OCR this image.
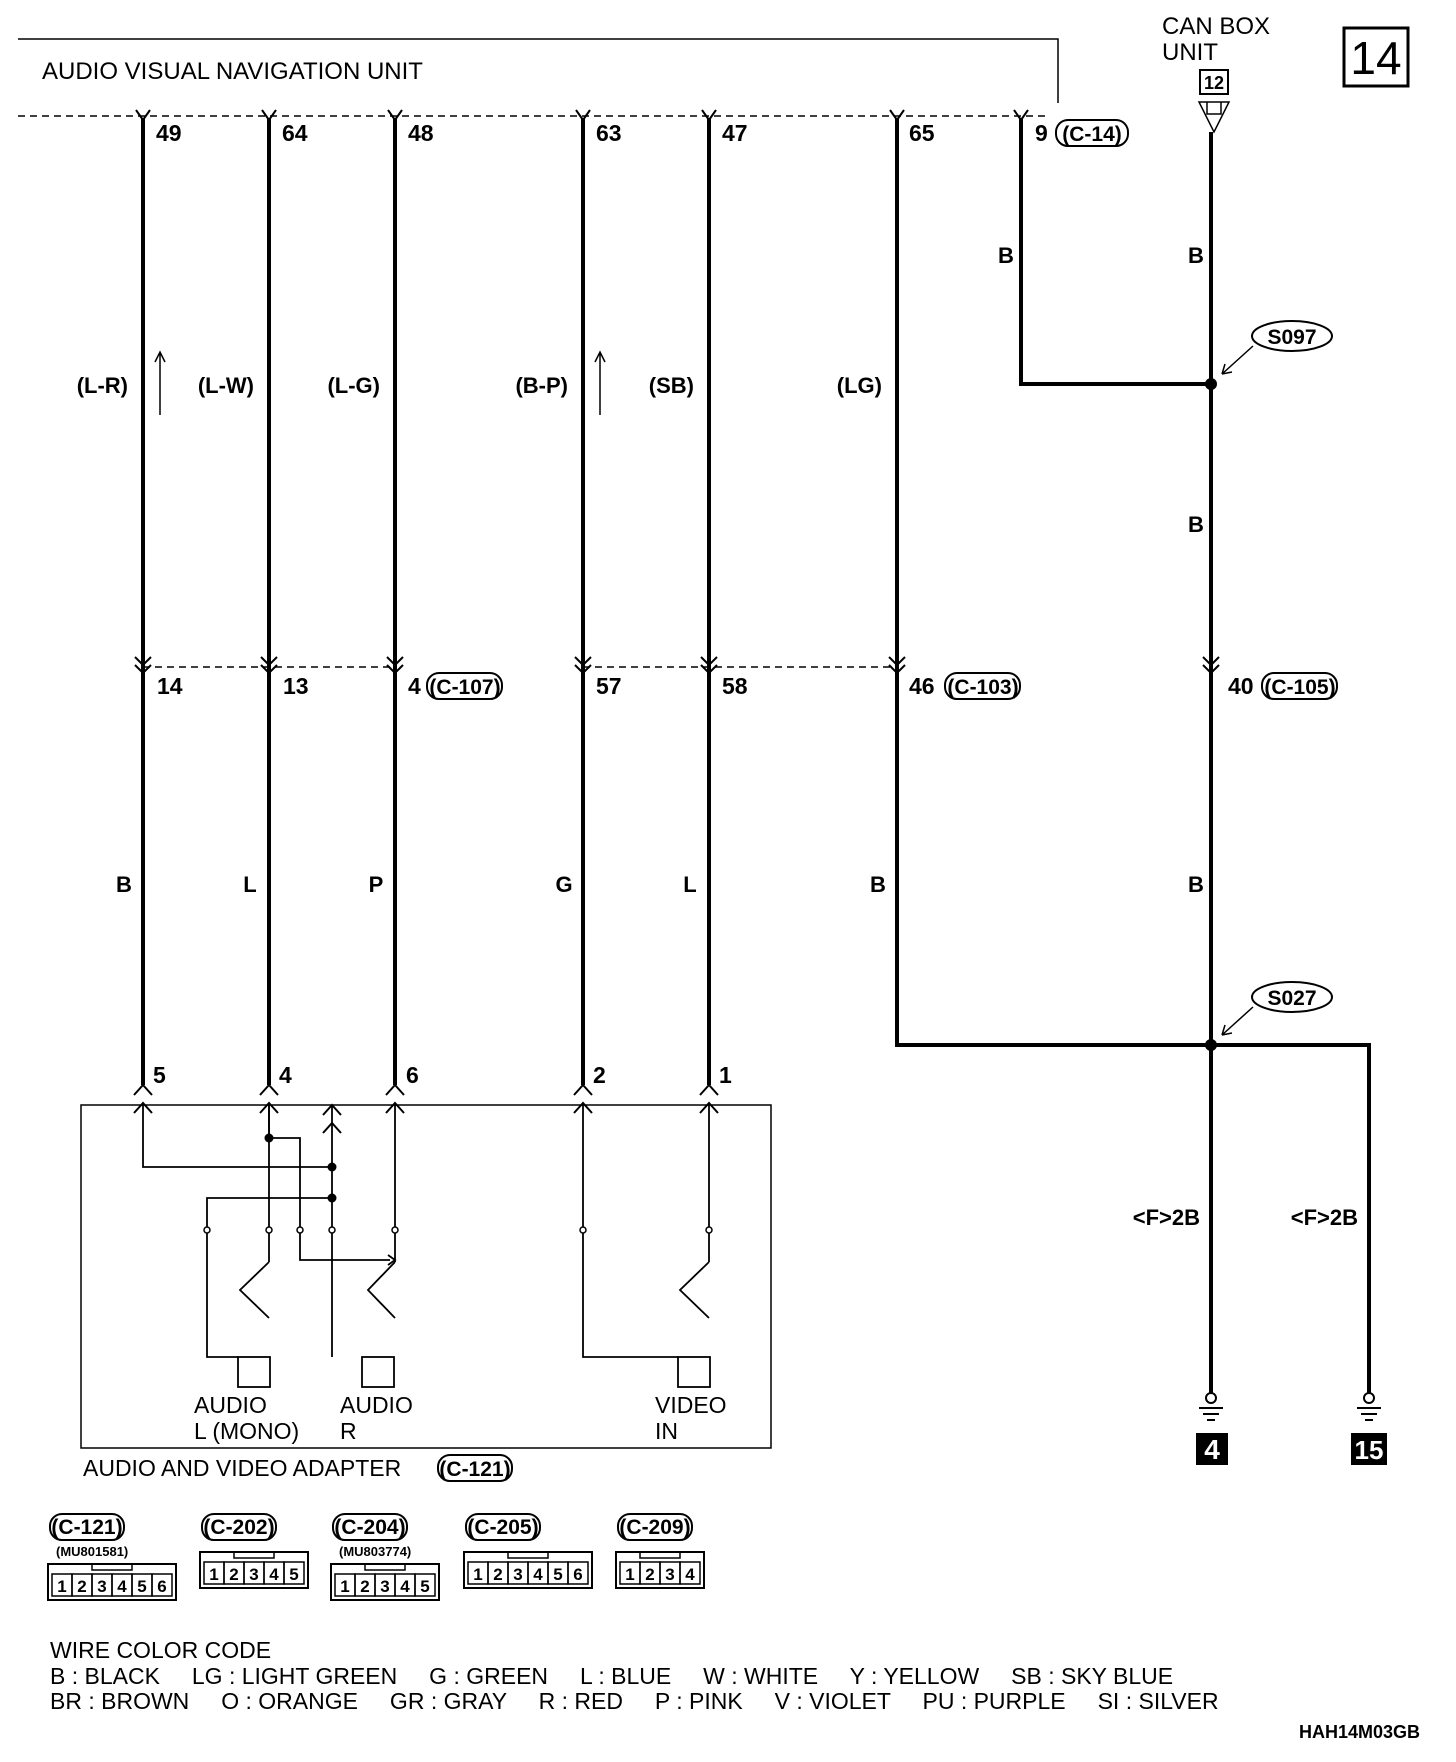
14
AUDIO VISUAL NAVIGATION UNIT
CAN BOX
UNIT
12
49	64	48	63	47	65	9 (C-14)
(L-R)	(L-W)	(L-G)	(B-P)	(SB)	(LG)
B	B
B
B
S097
14	13	4 (C-107)	57	58	46 (C-103)	40 (C-105)
B	L	P	G	L	B
S027
5	4	6	2	1
AUDIO
L (MONO)
AUDIO
R
VIDEO
IN
AUDIO AND VIDEO ADAPTER (C-121)
<F>2B	<F>2B
4	15
(C-121)
(MU801581)
1 2 3 4 5 6
(C-202)
1 2 3 4 5
(C-204)
(MU803774)
1 2 3 4 5
(C-205)
1 2 3 4 5 6
(C-209)
1 2 3 4
WIRE COLOR CODE
B : BLACK     LG : LIGHT GREEN     G : GREEN     L : BLUE     W : WHITE     Y : YELLOW     SB : SKY BLUE
BR : BROWN     O : ORANGE     GR : GRAY     R : RED     P : PINK     V : VIOLET     PU : PURPLE     SI : SILVER
HAH14M03GB
